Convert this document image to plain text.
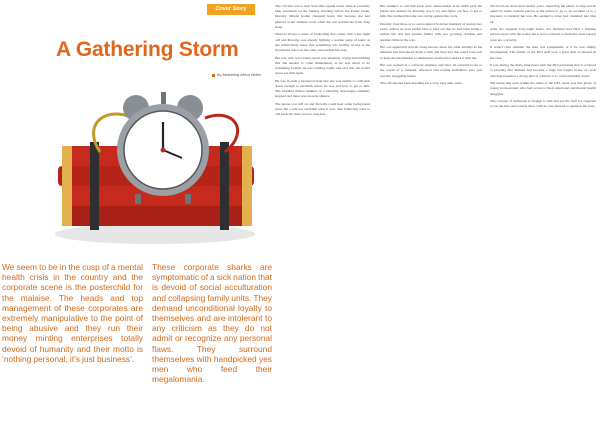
Cover Story
A Gathering Storm
By Marketing Africa Writer
We seem to be in the cusp of a mental health crisis in the country and the corporate scene is the posterchild for the malaise. The heads and top management of these corporates are extremely manipulative to the point of being abusive and they run their money minting enterprises totally devoid of humanity and their motto is ‘nothing personal, it’s just business’.
These corporate sharks are symptomatic of a sick nation that is devoid of social acculturation and collapsing family units. They demand unconditional loyalty to themselves and are intolerant to any criticism as they do not admit or recognize any personal flaws. They surround themselves with handpicked yes men who feed their megalomania.

The call that was to turn Stan Ilma upside down came at precisely nine seventeen on the Sunday morning before the Easter break. Dorothy Mkuba (name changed) knew this because she had glanced at her bedside clock when the call startled her from deep sleep.

There is always a sense of foreboding that comes with a late night call and Dorothy was already fighting a sudden surge of panic as she instinctively knew that something was terribly wrong as the incoherent voice on the other end reached her ears.

Her son, who was twenty-seven was shouting, crying and babbling that she needed to come immediately as he was about to do something foolish; he was sobbing loudly and said that she would never see him again.

He was in such a hysterical state that she was unable to calm him down enough to establish where he was and how to get to him. The morning fifteen minutes of a babbling monologue suddenly stopped and there was an eerie silence.

The phone was still on and Dorothy could hear some background noise but could not establish what it was. She frantically tried to call back but there was no response.

Her attempts to call him back were unsuccessful as he didn't pick the phone and anxiety for Dorothy was to try and figure out how to get to him. She realised that she was racing against the clock.

Dorothy tried three or so and acquired from her husband of twenty-two years. Alfred on your earlier idea to find out that he had been living a double life and had another family with two growing children and another child on the way.

Her son apparently had all along known about his other siblings as his husband had introduced them to him and they had this weird tone part to keep the information to themselves and had not shared it with her.

Her son worked at a software engineer and lives all outward looks to the world of a cultured, educated and normal individual who was secretly struggling inside.

The call she had been dreading for a very long time came.

She lived out more than twenty years, expecting the phone to ring and be asked by some random person or the police to go to an accident or to a mortuary to identify her son. He seemed to have just vanished into thin air.

After the required forty-eight hours, her husband had filed a missing person report with the police but it soon occurred to them that such reports were not a priority.

It wasn't clear whether the man was sympathetic or if he was simply incompetent. The family of the DCI staff took a great deal of interest in the case.

It was during the many interviews with the DCI personnel that it occurred to Dorothy that Kimani had become a huge but fragile house of cards which just needed a strong gust of wind for it to come tumbling down.

She learnt that even within the ranks of the DCI, there was this group of young professionals who had access to their emotional and mental health struggles.

The concept of teamwork is foreign to him and yet his staff are expected to toe the line and work in silos, with no one allowed to question the boss.
